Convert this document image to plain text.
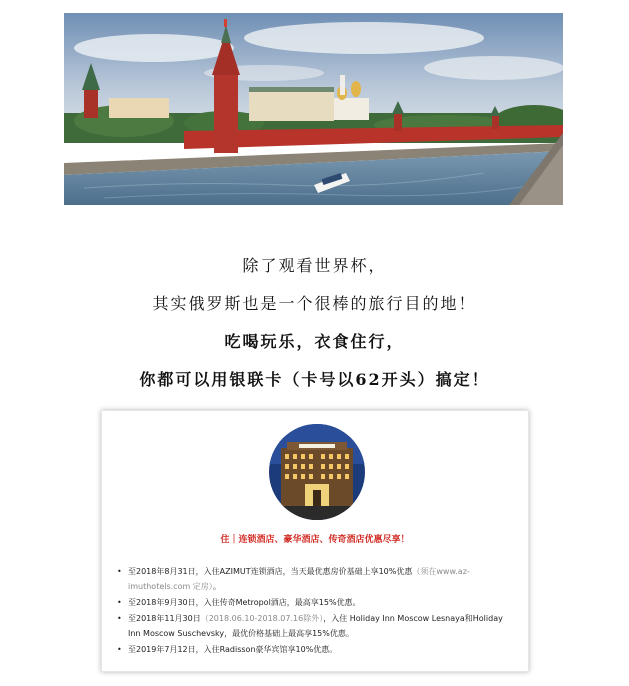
除了观看世界杯，
其实俄罗斯也是一个很棒的旅行目的地！
吃喝玩乐，衣食住行，
你都可以用银联卡（卡号以62开头）搞定！
住｜连锁酒店、豪华酒店、传奇酒店优惠尽享！
• 至2018年8月31日，入住AZIMUT连锁酒店，当天最优惠房价基础上享10%优惠（须在www.az-imuthotels.com 定房）。
• 至2018年9月30日，入住传奇Metropol酒店，最高享15%优惠。
• 至2018年11月30日（2018.06.10-2018.07.16除外），入住 Holiday Inn Moscow Lesnaya和Holiday Inn Moscow Suschevsky，最优价格基础上最高享15%优惠。
• 至2019年7月12日，入住Radisson豪华宾馆享10%优惠。
